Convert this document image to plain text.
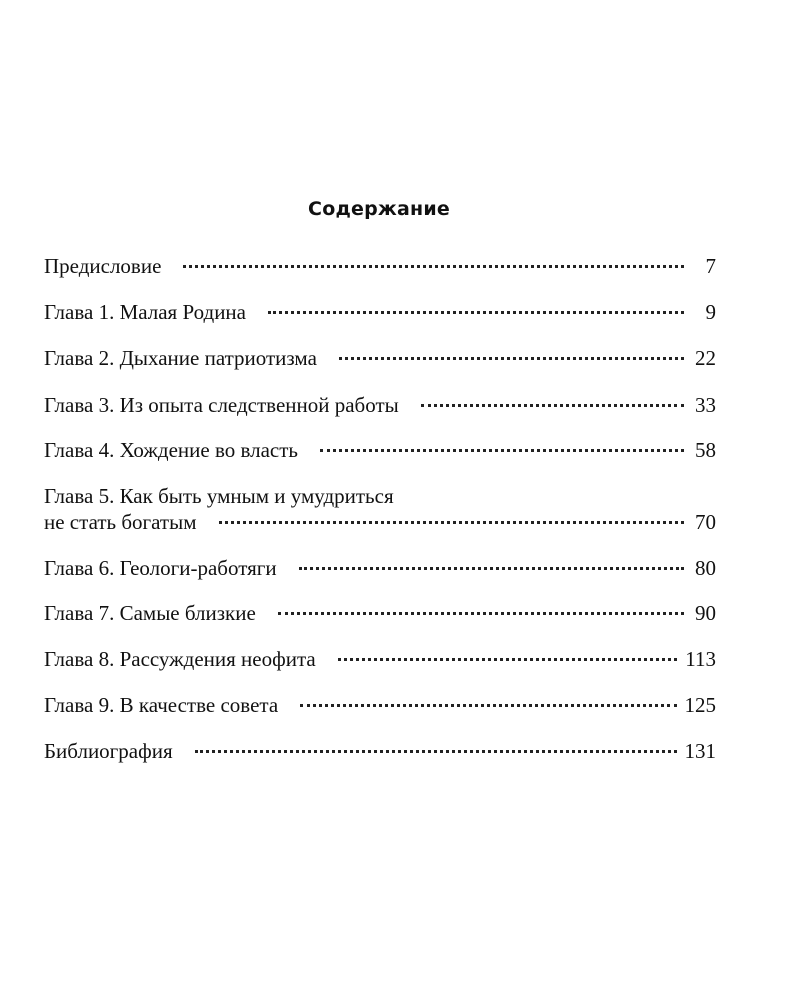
Содержание
Предисловие	7
Глава 1. Малая Родина	9
Глава 2. Дыхание патриотизма	22
Глава 3. Из опыта следственной работы	33
Глава 4. Хождение во власть	58
Глава 5. Как быть умным и умудриться
не стать богатым	70
Глава 6. Геологи-работяги	80
Глава 7. Самые близкие	90
Глава 8. Рассуждения неофита	113
Глава 9. В качестве совета	125
Библиография	131
